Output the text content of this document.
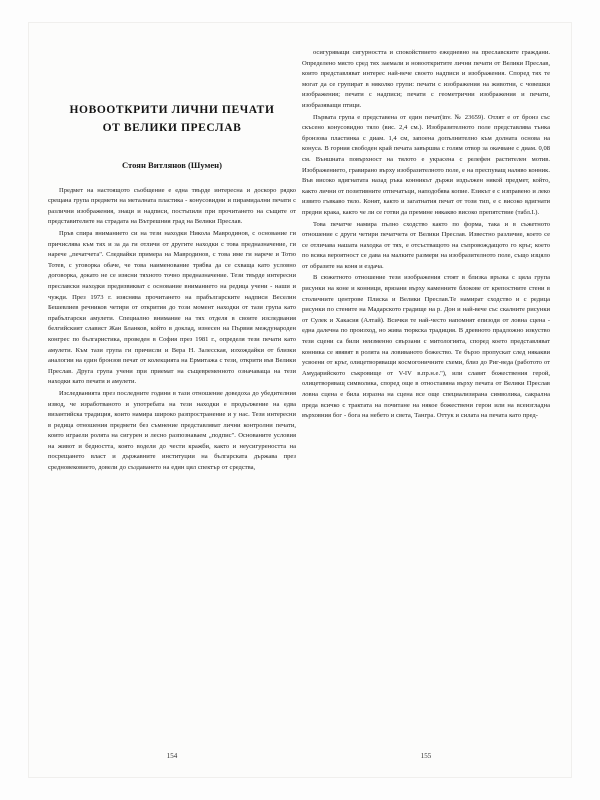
НОВООТКРИТИ ЛИЧНИ ПЕЧАТИ
ОТ ВЕЛИКИ ПРЕСЛАВ
Стоян Витлянов (Шумен)

Предмет на настоящото съобщение е една твърде интересна и доскоро рядко срещана група предмети на металната пластика - конусовидни и пирамидални печати с различни изображения, знаци и надписи, постъпили при прочитането на същите от представителите на страдата на Вътрешния град на Велики Преслав.

Пръв спира вниманието си на тези находки Никола Мавродинов, с основание ги причислява към тях и за да ги отличи от другите находки с това предназначение, ги нарече „печатчета". Следвайки примера на Мавродинов, с това име ги нарече и Тотю Тотев, с уговорка обаче, че това наименование трябва да се схваща като условно договорка, докато не се изясни тяхното точно предназначение. Тези твърде интересни преславски находки предизвикват с основание вниманието на редица учени - наши и чужди. През 1973 г. изяснява прочитането на прабългарските надписи Веселин Бешевлиев речников четири от открития до този момент находки от тази група като прабългарски амулети. Специално внимание на тях отделя в своите изследвания белгийският славист Жан Бланков, който в доклад, изнесен на Първия международен конгрес по българистика, проведен в София през 1981 г., определя тези печати като амулети. Към тази група ги причисли и Вера Н. Залесская, изхождайки от близки аналогии на един бронзов печат от колекцията на Ермитажа с тези, открити във Велики Преслав. Друга група учени при приемат на същевременното означаваща на тези находки като печати и амулети.

Изследванията през последните години в тази отношение доведоха до убедителния извод, че изработваното и употребата на тези находки е продължение на едва византийска традиция, които намира широко разпространение и у нас. Тези интересни в редица отношения предмети без съмнение представляват лични контролни печати, които играели ролята на сигурен и лесно разпознаваем „подпис". Основаните условия на живот и бедността, която водели до чести кражби, както и неусигуреността на посрещането власт и държавните институции на българската държава през средновековието, довели до създаването на един цял спектър от средства,

154

осигуряващи сигурността и спокойствието ежедневно на преславските граждани. Определено място сред тях заемали и новооткритите лични печати от Велики Преслав, които представляват интерес най-вече своето надписи и изображения. Според тях те могат да се групират в няколко групи: печати с изображения на животни, с човешки изображения; печати с надписи; печати с геометрични изображения и печати, изобразяващи птици.

Първата група е представена от един печат(inv. № 23659). Отлят е от бронз със скъсено конусовидно тяло (вис. 2,4 см.). Изобразителното поле представлява тънка бронзова пластинка с диам. 1,4 см, запоена допълнително към долната основа на конуса. В горния свободен край печата завършва с голям отвор за окачване с диам. 0,08 см. Външната повърхност на тялото е украсена с релефен растителен мотив. Изображението, гравирано върху изобразителното поле, е на преспуващ наляво конник. Във високо вдигнатата назад ръка конникът държи издължен някой предмет, който, както лични от позитивните отпечатъци, наподобява копие. Езикът е с изправено и леко извито гъвкаво тяло. Конят, както и загатнатия печат от този тип, е с високо вдигнати предни крака, както че ли се готви да премине някакво високо препятствие (табл.I.).

Това печатче намира пълно сходство както по форма, така и в съжетното отношение с други четири печатчета от Велики Преслав. Известно различие, което се се отличава нашата находка от тях, е отсъстващото на съпровождащото го кръг, което по всяка вероятност се дава на малките размери на изобразителното поле, също изцяло от образите на коня и ездача.

В сюжетното отношение тези изображения стоят в близка връзка с цяла група рисунки на коне и конници, врязани върху каменните блокове от крепостните стени в столичните центрове Плиска и Велики Преслав.Те намират сходство и с редица рисунки по стените на Мадарското градище на р. Дон и най-вече със скалните рисунки от Сулек и Хакасия (Алтай). Всички те най-често напомнят епизоди от ловна сцена - една далечна по произход, но жива тюркска традиция. В древното прадложно изкуство тези сцени са били неизменно свързани с митологията, според което представляват конника се явявят в ролята на ловиваното божество. Те бързо пропускат след някакви усвоени от кръг, олицетворяващи космогоничните схеми, близ до Риг-веда (работото от Амударийското съкровище от V-IV в.пр.н.е."), или славят божествения герой, олицетворяващ символика, според още в отноставяна върху печата от Велики Преслав ловна сцена е била изразна на сцена все още специализирана символика, сакрална преда всичко с трактата на почитане на някое божествени герои или на всеизгладна върховния бог - бога на небето и света, Тангра. Оттук и силата на печата като пред-

155
